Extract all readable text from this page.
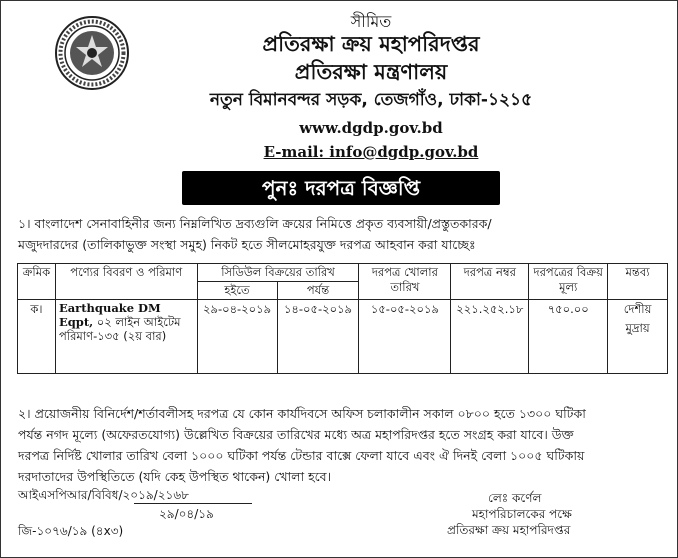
সীমিত
প্রতিরক্ষা ক্রয় মহাপরিদপ্তর
প্রতিরক্ষা মন্ত্রণালয়
নতুন বিমানবন্দর সড়ক, তেজগাঁও, ঢাকা-১২১৫
www.dgdp.gov.bd
E-mail: info@dgdp.gov.bd
পুনঃ দরপত্র বিজ্ঞপ্তি
১। বাংলাদেশ সেনাবাহিনীর জন্য নিম্নলিখিত দ্রব্যগুলি ক্রয়ের নিমিত্তে প্রকৃত ব্যবসায়ী/প্রস্তুতকারক/
মজুদদারদের (তালিকাভুক্ত সংস্থা সমুহ) নিকট হতে সীলমোহরযুক্ত দরপত্র আহবান করা যাচ্ছেঃ
ক্রমিক	পণ্যের বিবরণ ও পরিমাণ	সিডিউল বিক্রয়ের তারিখ		দরপত্র খোলার তারিখ	দরপত্র নম্বর	দরপত্রের বিক্রয় মূল্য	মন্তব্য
		হইতে	পর্যন্ত				
ক।	Earthquake DM Eqpt, ০২ লাইন আইটেম পরিমাণ-১৩৫ (২য় বার)	২৯-০৪-২০১৯	১৪-০৫-২০১৯	১৫-০৫-২০১৯	২২১.২৫২.১৮	৭৫০.০০	দেশীয় মুদ্রায়
২। প্রয়োজনীয় বিনির্দেশ/শর্তাবলীসহ দরপত্র যে কোন কার্যদিবসে অফিস চলাকালীন সকাল ০৮০০ হতে ১৩০০ ঘটিকা
পর্যন্ত নগদ মূল্যে (অফেরতযোগ্য) উল্লেখিত বিক্রয়ের তারিখের মধ্যে অত্র মহাপরিদপ্তর হতে সংগ্রহ করা যাবে। উক্ত
দরপত্র নির্দিষ্ট খোলার তারিখ বেলা ১০০০ ঘটিকা পর্যন্ত টেন্ডার বাক্সে ফেলা যাবে এবং ঐ দিনই বেলা ১০০৫ ঘটিকায়
দরদাতাদের উপস্থিতিতে (যদি কেহ উপস্থিত থাকেন) খোলা হবে।
আইএসপিআর/বিবিধ/২০১৯/২১৬৮
২৯/০৪/১৯
জি-১০৭৬/১৯ (৪x৩)
লেঃ কর্ণেল
মহাপরিচালকের পক্ষে
প্রতিরক্ষা ক্রয় মহাপরিদপ্তর
